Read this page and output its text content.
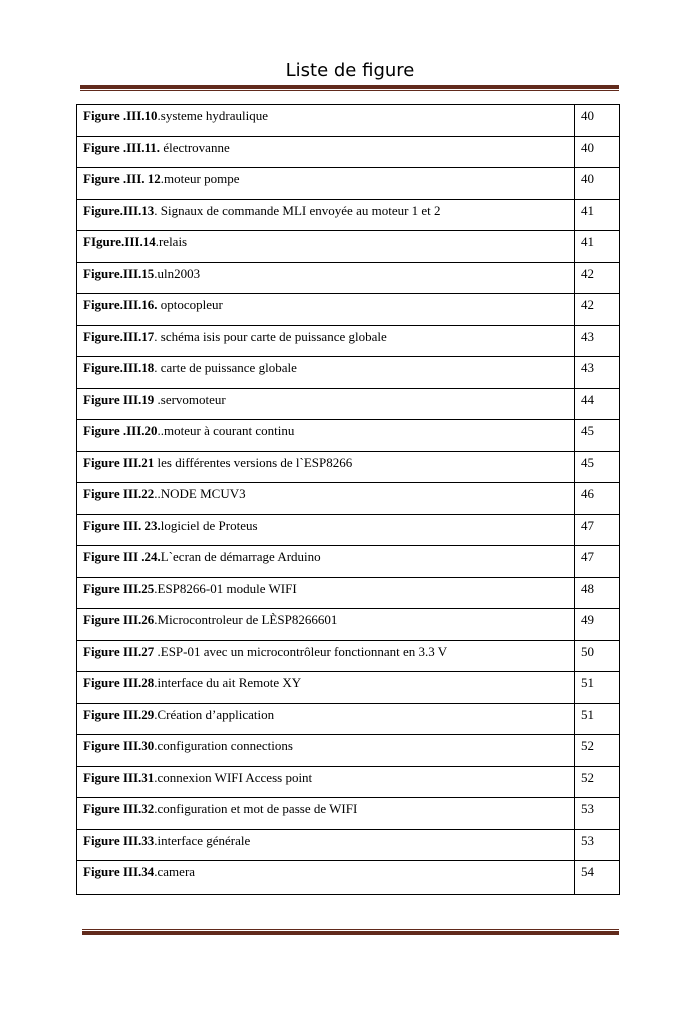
Liste de figure
Figure .III.10.systeme hydraulique	40

Figure .III.11. électrovanne	40

Figure .III. 12.moteur pompe	40

Figure.III.13. Signaux de commande MLI envoyée au moteur 1 et 2	41

FIgure.III.14.relais	41

Figure.III.15.uln2003	42

Figure.III.16. optocopleur	42

Figure.III.17. schéma isis pour carte de puissance globale	43

Figure.III.18. carte de puissance globale	43

Figure III.19 .servomoteur	44

Figure .III.20..moteur à courant continu	45

Figure III.21 les différentes versions de l`ESP8266	45

Figure III.22..NODE MCUV3	46

Figure III. 23.logiciel de Proteus	47

Figure III .24.L`ecran de démarrage Arduino	47

Figure III.25.ESP8266-01 module WIFI	48

Figure III.26.Microcontroleur de LÈSP8266601	49

Figure III.27 .ESP-01 avec un microcontrôleur fonctionnant en 3.3 V	50

Figure III.28.interface du ait Remote XY	51

Figure III.29.Création d’application	51

Figure III.30.configuration connections	52

Figure III.31.connexion WIFI Access point	52

Figure III.32.configuration et mot de passe de WIFI	53

Figure III.33.interface générale	53

Figure III.34.camera	54
